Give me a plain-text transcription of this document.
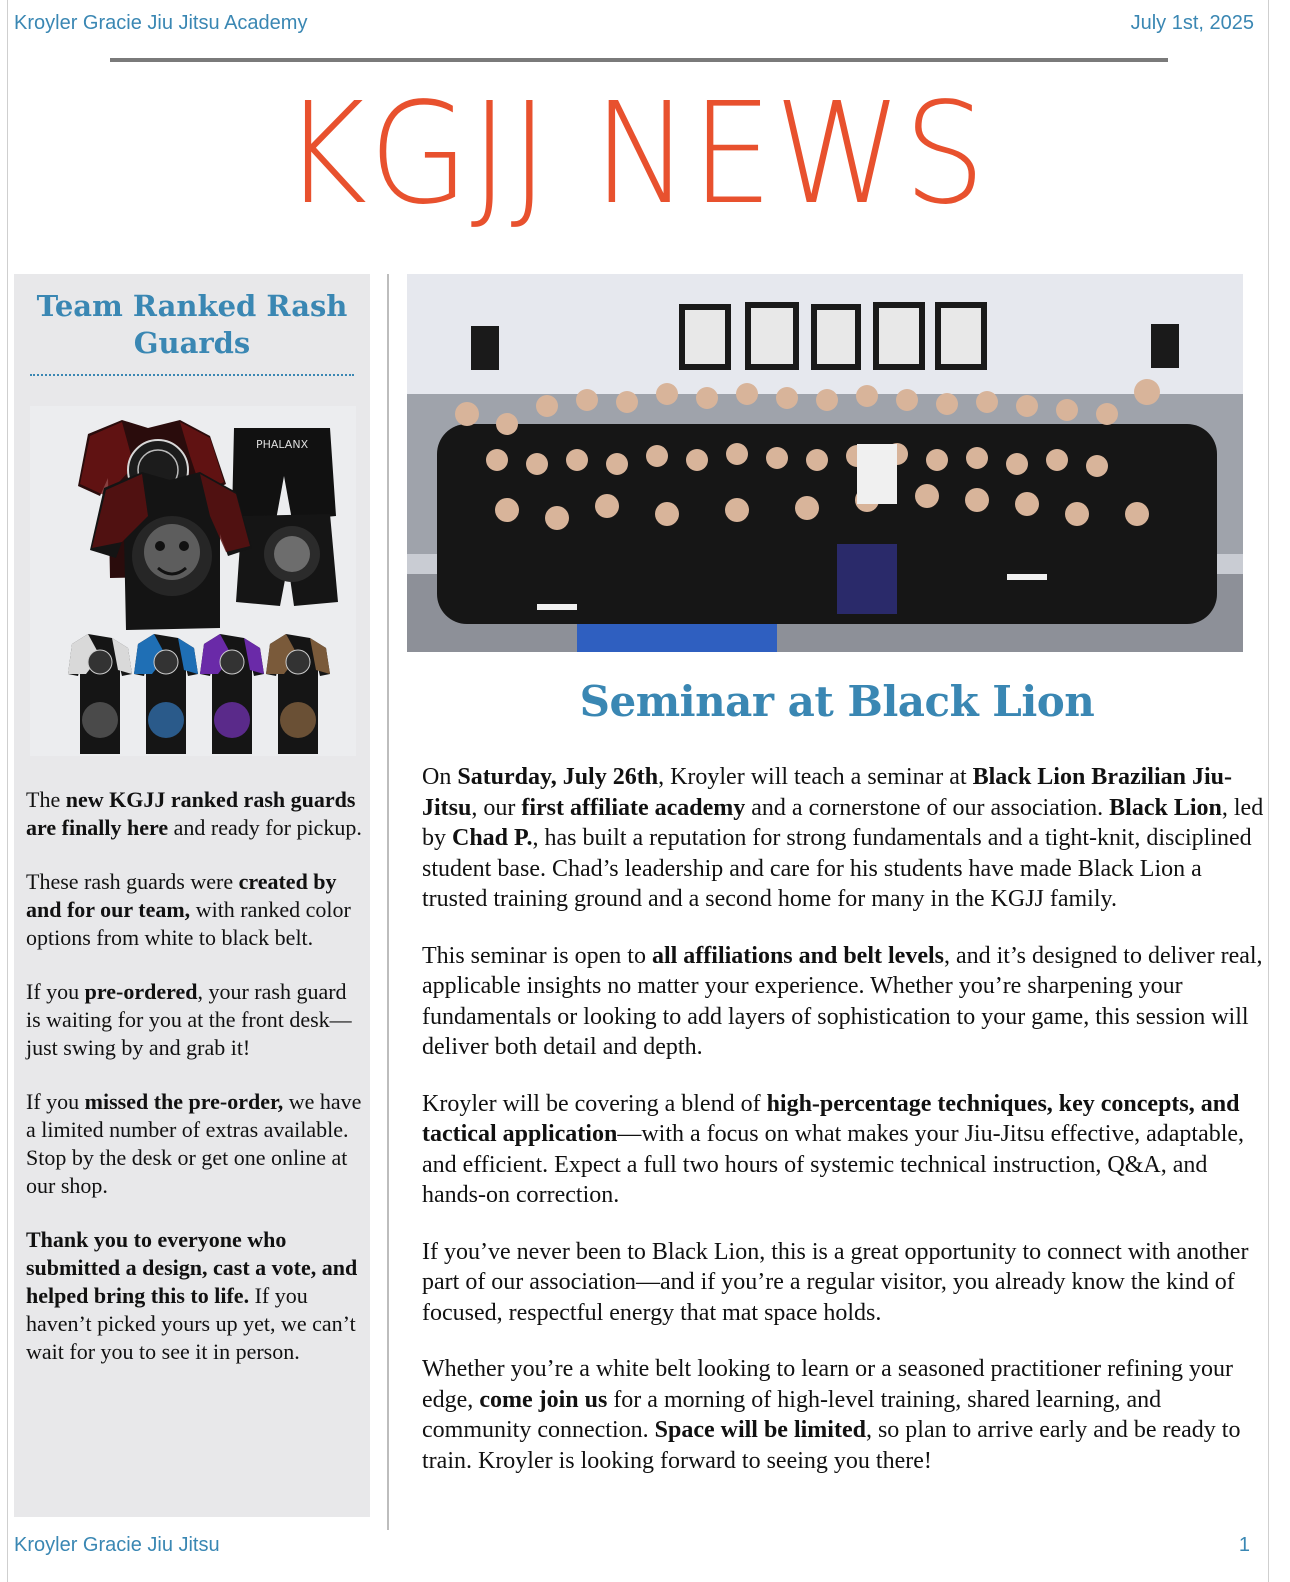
Kroyler Gracie Jiu Jitsu Academy	July 1st, 2025
KGJJ NEWS
Team Ranked Rash Guards
PHALANX

The new KGJJ ranked rash guards are finally here and ready for pickup.

These rash guards were created by and for our team, with ranked color options from white to black belt.

If you pre-ordered, your rash guard is waiting for you at the front desk—just swing by and grab it!

If you missed the pre-order, we have a limited number of extras available. Stop by the desk or get one online at our shop.

Thank you to everyone who submitted a design, cast a vote, and helped bring this to life. If you haven’t picked yours up yet, we can’t wait for you to see it in person.

Seminar at Black Lion

On Saturday, July 26th, Kroyler will teach a seminar at Black Lion Brazilian Jiu-Jitsu, our first affiliate academy and a cornerstone of our association. Black Lion, led by Chad P., has built a reputation for strong fundamentals and a tight-knit, disciplined student base. Chad’s leadership and care for his students have made Black Lion a trusted training ground and a second home for many in the KGJJ family.

This seminar is open to all affiliations and belt levels, and it’s designed to deliver real, applicable insights no matter your experience. Whether you’re sharpening your fundamentals or looking to add layers of sophistication to your game, this session will deliver both detail and depth.

Kroyler will be covering a blend of high-percentage techniques, key concepts, and tactical application—with a focus on what makes your Jiu-Jitsu effective, adaptable, and efficient. Expect a full two hours of systemic technical instruction, Q&A, and hands-on correction.

If you’ve never been to Black Lion, this is a great opportunity to connect with another part of our association—and if you’re a regular visitor, you already know the kind of focused, respectful energy that mat space holds.

Whether you’re a white belt looking to learn or a seasoned practitioner refining your edge, come join us for a morning of high-level training, shared learning, and community connection. Space will be limited, so plan to arrive early and be ready to train. Kroyler is looking forward to seeing you there!

Kroyler Gracie Jiu Jitsu	1
